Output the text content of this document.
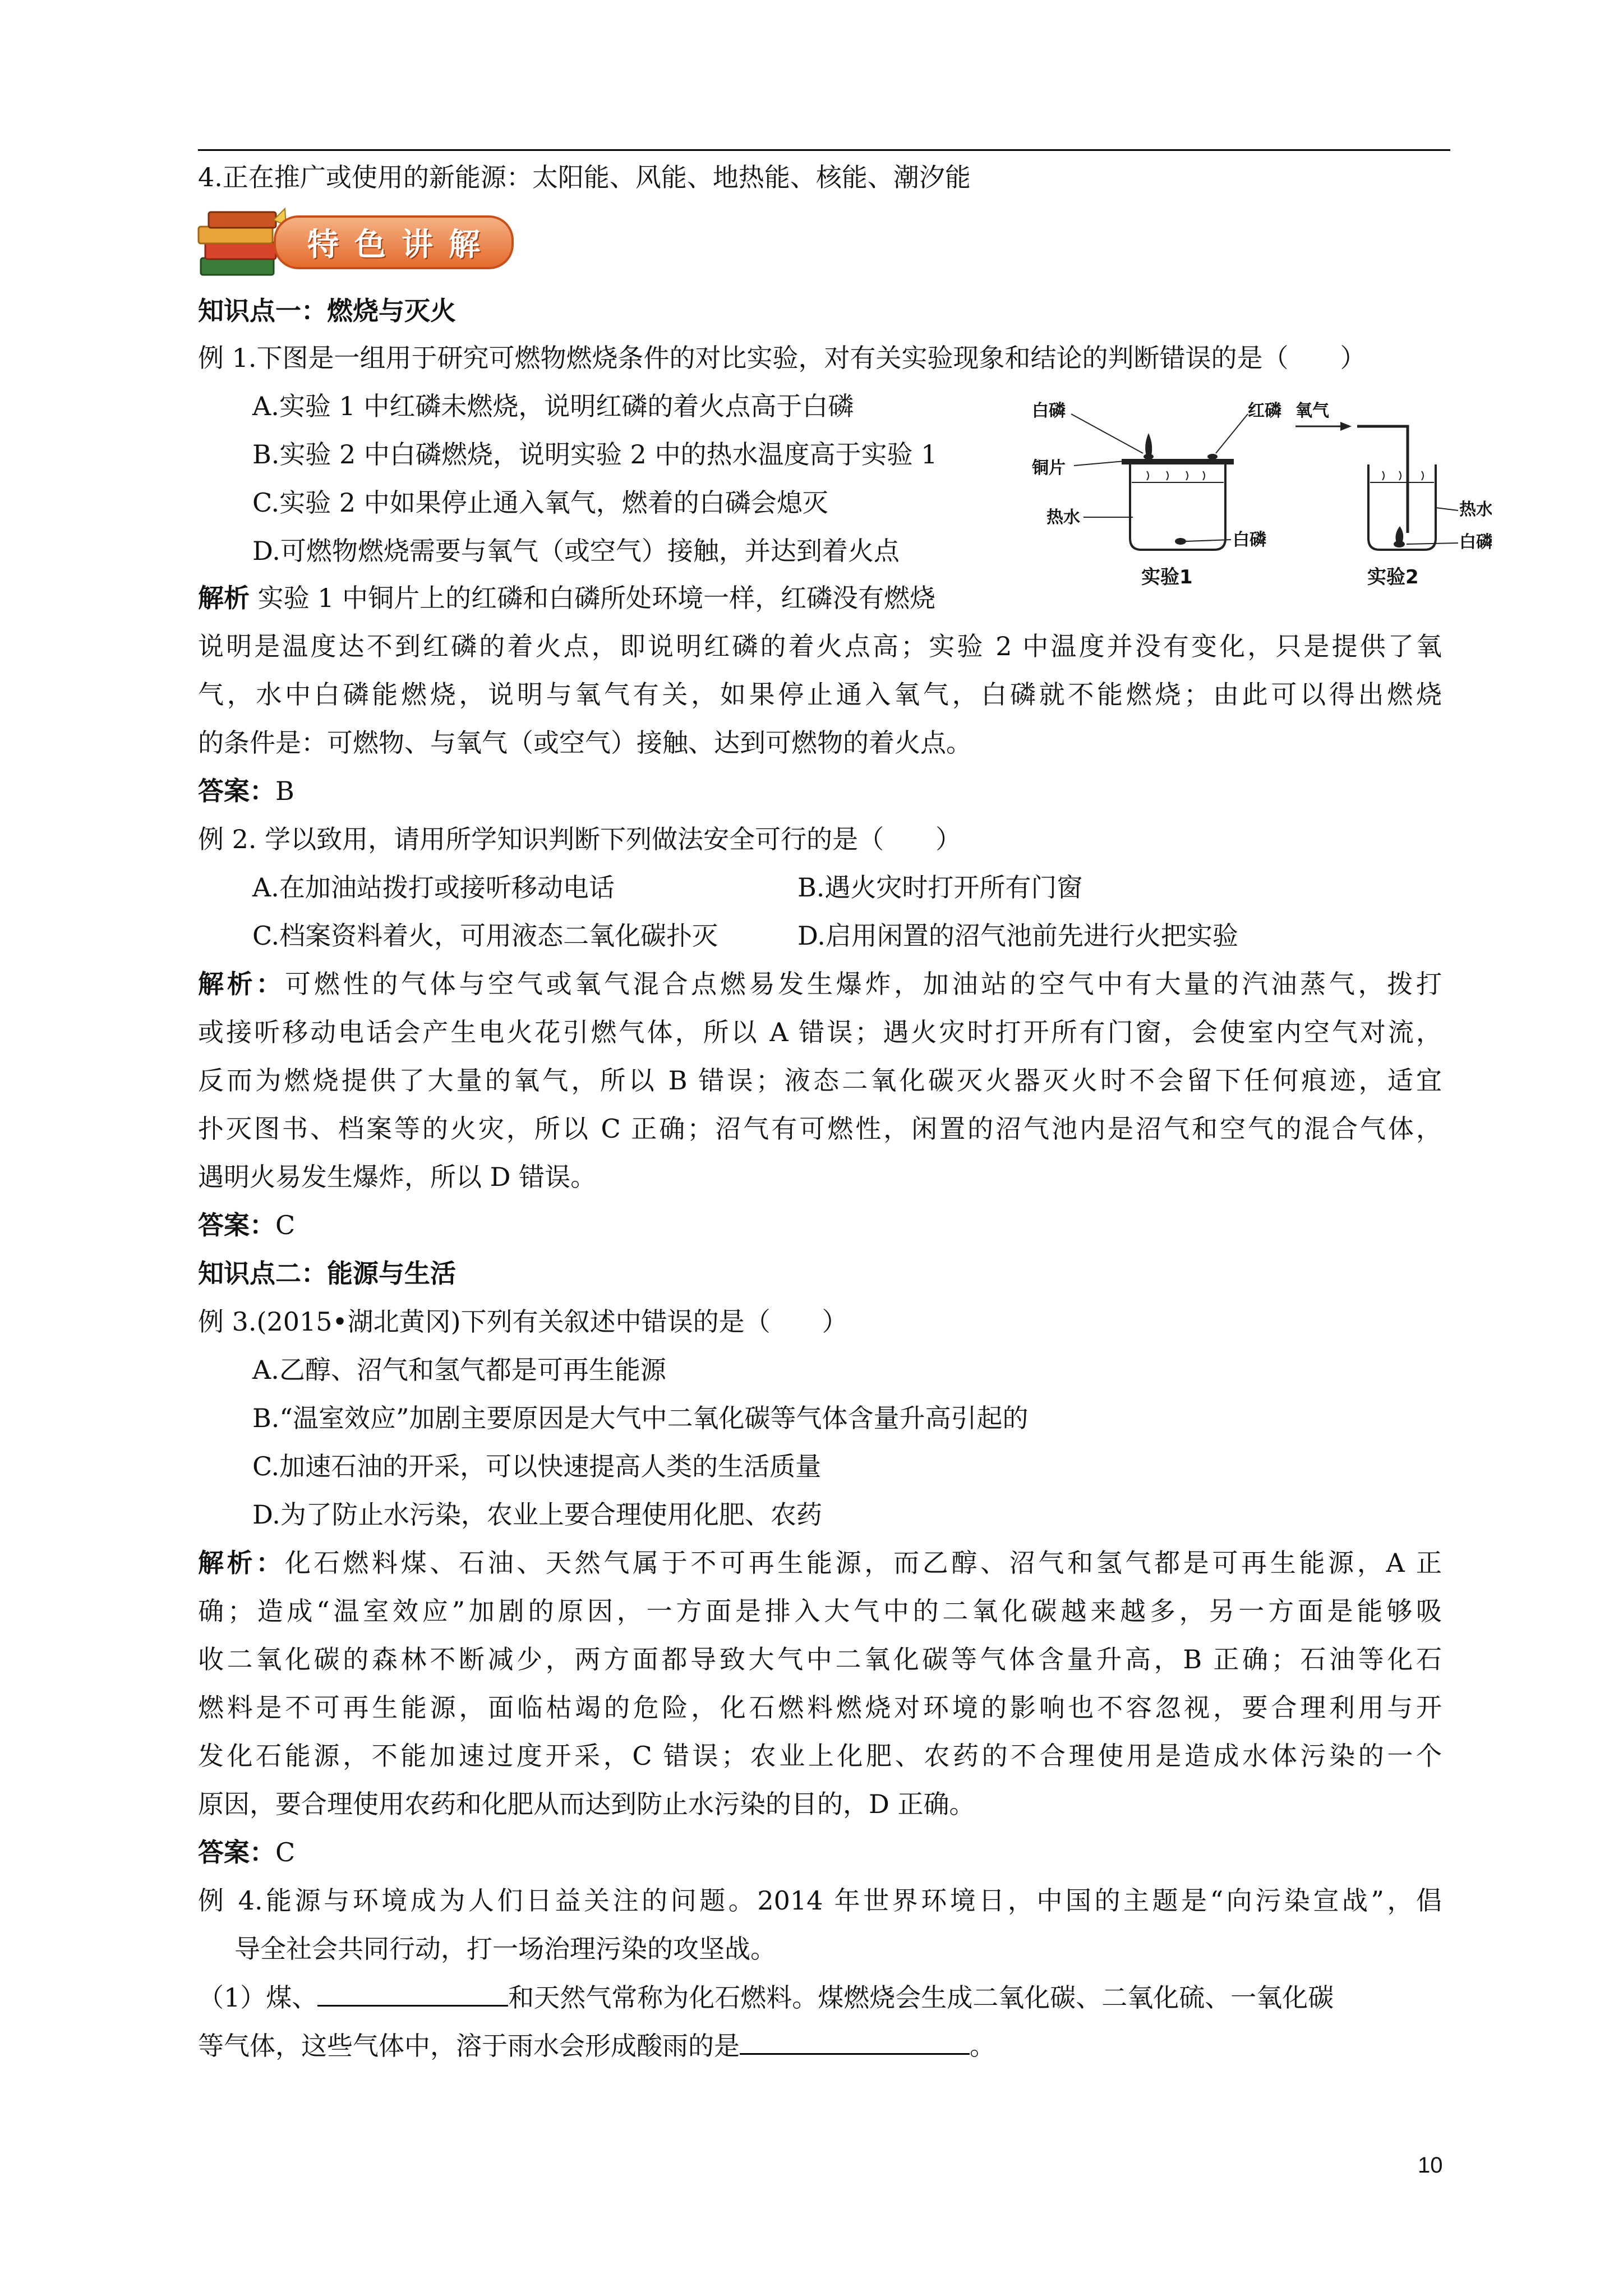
4.正在推广或使用的新能源：太阳能、风能、地热能、核能、潮汐能
特 色 讲 解
知识点一：燃烧与灭火
例 1.下图是一组用于研究可燃物燃烧条件的对比实验，对有关实验现象和结论的判断错误的是（　　）
A.实验 1 中红磷未燃烧，说明红磷的着火点高于白磷
B.实验 2 中白磷燃烧，说明实验 2 中的热水温度高于实验 1
C.实验 2 中如果停止通入氧气，燃着的白磷会熄灭
D.可燃物燃烧需要与氧气（或空气）接触，并达到着火点
解析 实验 1 中铜片上的红磷和白磷所处环境一样，红磷没有燃烧
说明是温度达不到红磷的着火点，即说明红磷的着火点高；实验 2 中温度并没有变化，只是提供了氧
气，水中白磷能燃烧，说明与氧气有关，如果停止通入氧气，白磷就不能燃烧；由此可以得出燃烧
的条件是：可燃物、与氧气（或空气）接触、达到可燃物的着火点。
答案：B
白磷	红磷
铜片
热水
白磷
实验1
氧气
热水
白磷
实验2
例 2. 学以致用，请用所学知识判断下列做法安全可行的是（　　）
A.在加油站拨打或接听移动电话	B.遇火灾时打开所有门窗
C.档案资料着火，可用液态二氧化碳扑灭	D.启用闲置的沼气池前先进行火把实验
解析：可燃性的气体与空气或氧气混合点燃易发生爆炸，加油站的空气中有大量的汽油蒸气，拨打
或接听移动电话会产生电火花引燃气体，所以 A 错误；遇火灾时打开所有门窗，会使室内空气对流，
反而为燃烧提供了大量的氧气，所以 B 错误；液态二氧化碳灭火器灭火时不会留下任何痕迹，适宜
扑灭图书、档案等的火灾，所以 C 正确；沼气有可燃性，闲置的沼气池内是沼气和空气的混合气体，
遇明火易发生爆炸，所以 D 错误。
答案：C
知识点二：能源与生活
例 3.(2015•湖北黄冈)下列有关叙述中错误的是（　　）
A.乙醇、沼气和氢气都是可再生能源
B.“温室效应”加剧主要原因是大气中二氧化碳等气体含量升高引起的
C.加速石油的开采，可以快速提高人类的生活质量
D.为了防止水污染，农业上要合理使用化肥、农药
解析：化石燃料煤、石油、天然气属于不可再生能源，而乙醇、沼气和氢气都是可再生能源，A 正
确；造成“温室效应”加剧的原因，一方面是排入大气中的二氧化碳越来越多，另一方面是能够吸
收二氧化碳的森林不断减少，两方面都导致大气中二氧化碳等气体含量升高，B 正确；石油等化石
燃料是不可再生能源，面临枯竭的危险，化石燃料燃烧对环境的影响也不容忽视，要合理利用与开
发化石能源，不能加速过度开采，C 错误；农业上化肥、农药的不合理使用是造成水体污染的一个
原因，要合理使用农药和化肥从而达到防止水污染的目的，D 正确。
答案：C
例 4.能源与环境成为人们日益关注的问题。2014 年世界环境日，中国的主题是“向污染宣战”，倡
导全社会共同行动，打一场治理污染的攻坚战。
（1）煤、	和天然气常称为化石燃料。煤燃烧会生成二氧化碳、二氧化硫、一氧化碳
等气体，这些气体中，溶于雨水会形成酸雨的是	。
10
